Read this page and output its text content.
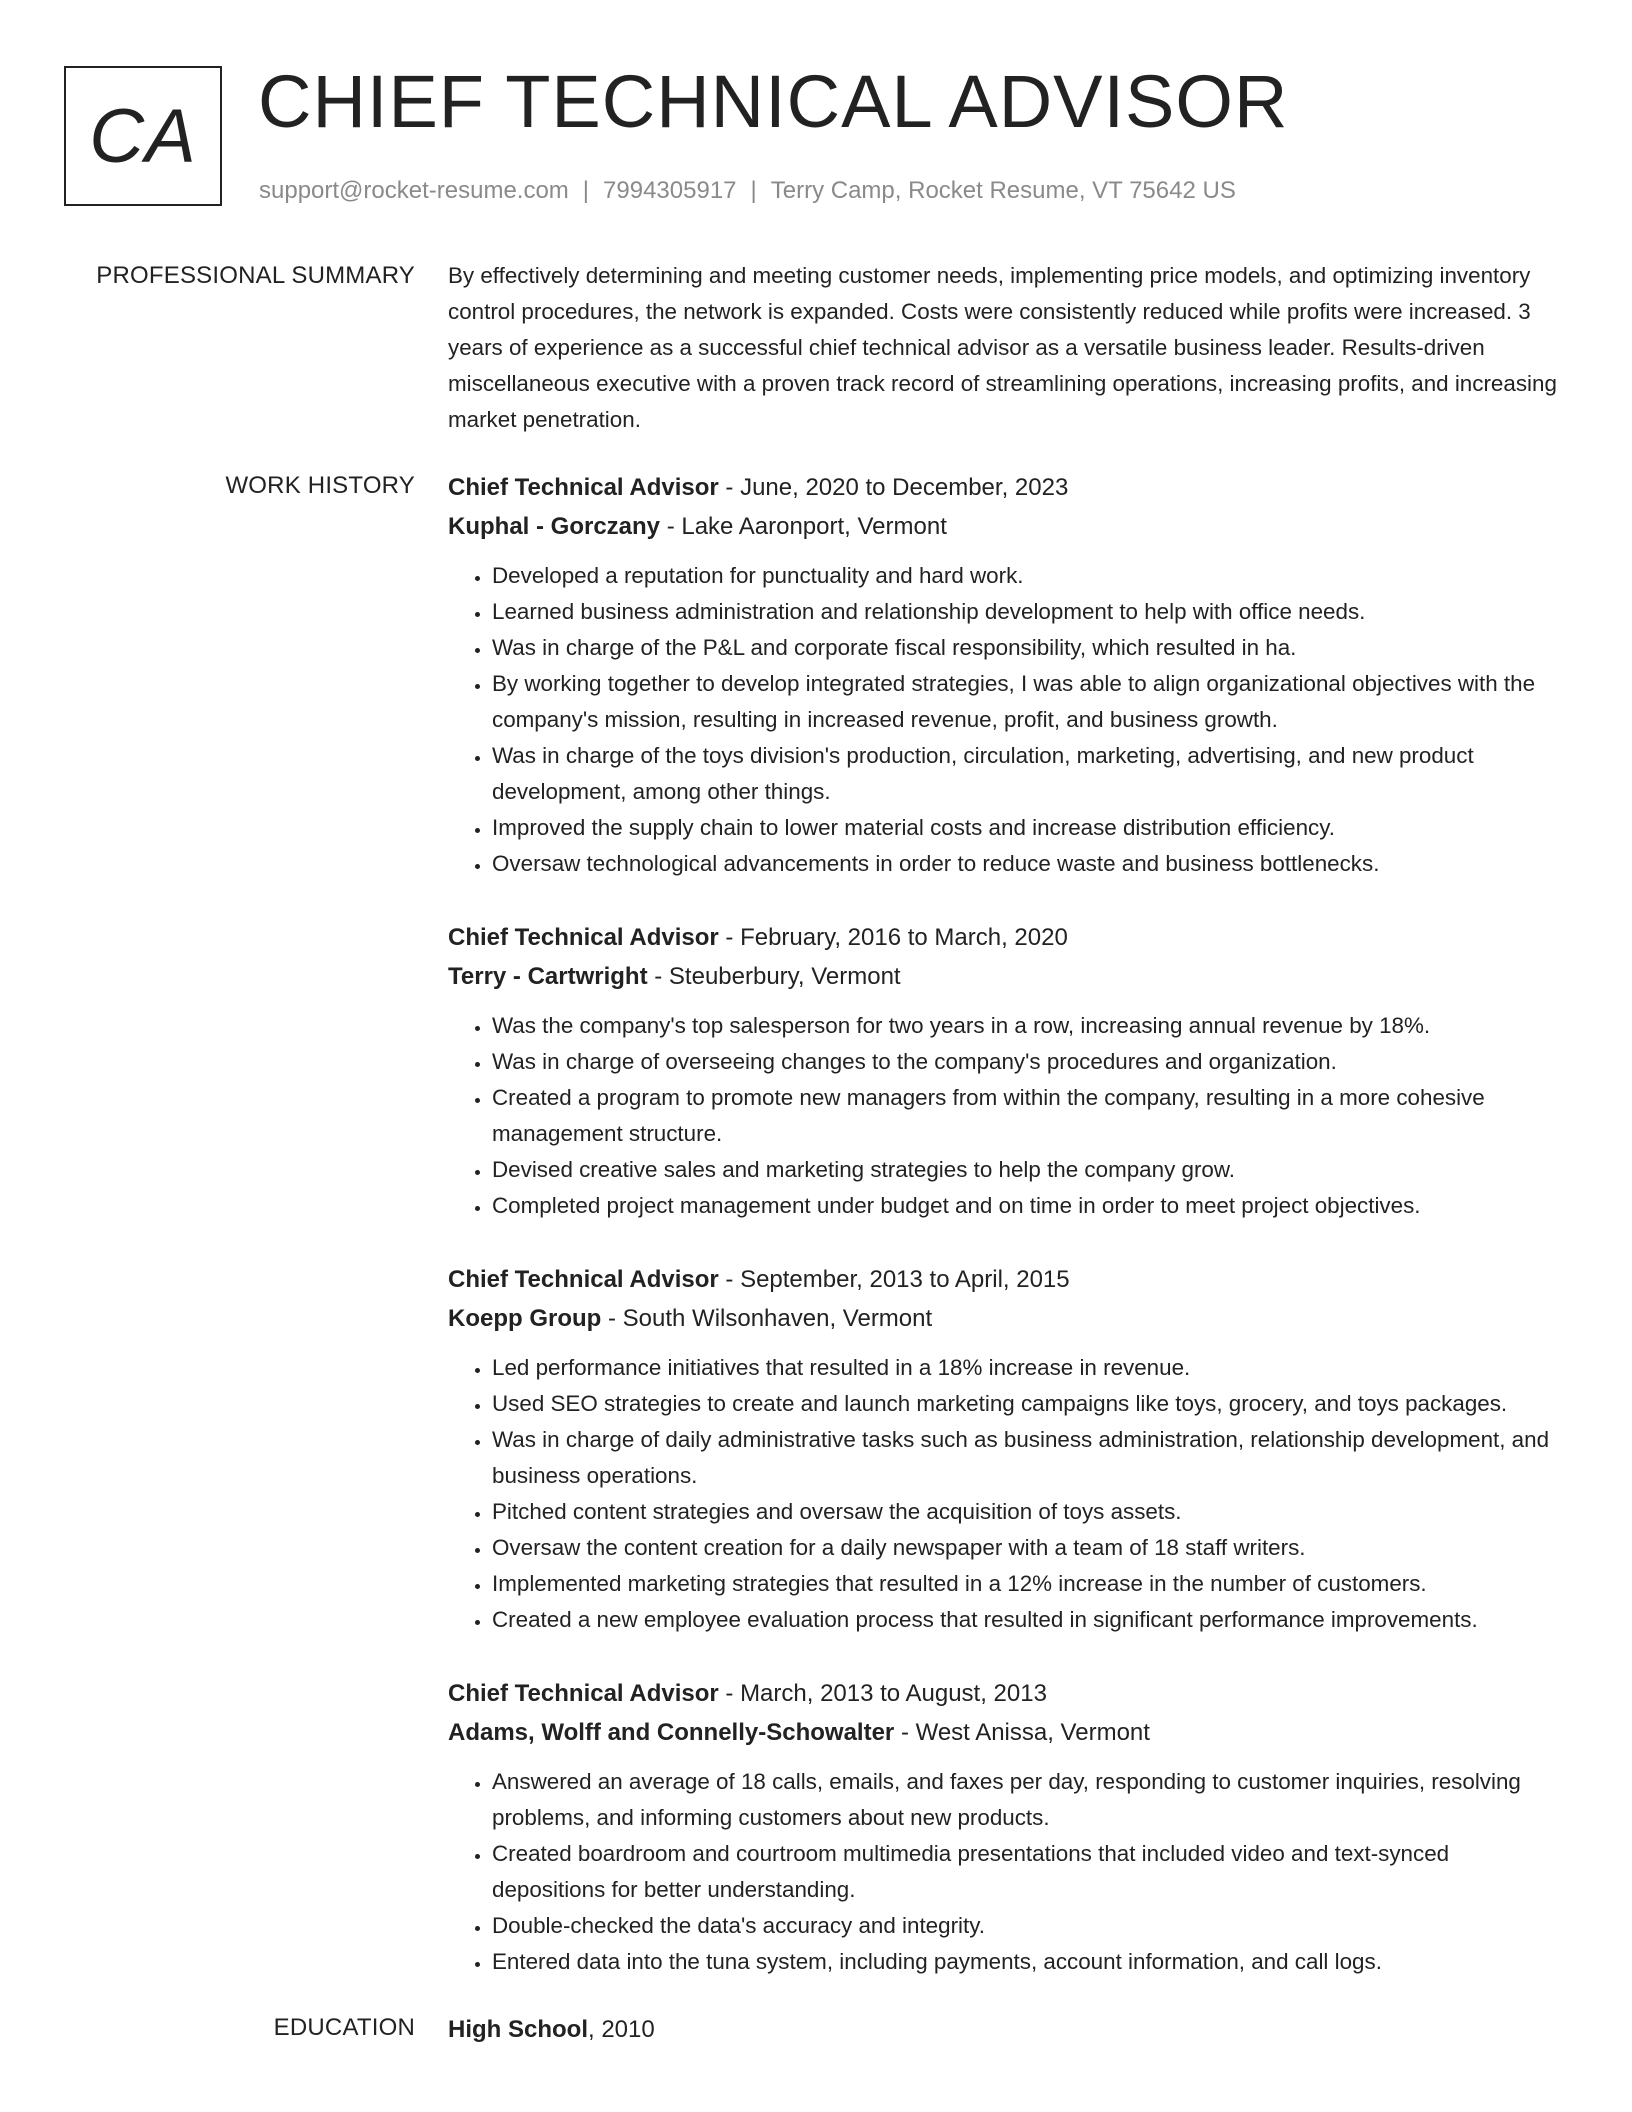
CA CHIEF TECHNICAL ADVISOR
support@rocket-resume.com | 7994305917 | Terry Camp, Rocket Resume, VT 75642 US
PROFESSIONAL SUMMARY By effectively determining and meeting customer needs, implementing price models, and optimizing inventory control procedures, the network is expanded. Costs were consistently reduced while profits were increased. 3 years of experience as a successful chief technical advisor as a versatile business leader. Results-driven miscellaneous executive with a proven track record of streamlining operations, increasing profits, and increasing market penetration.

WORK HISTORY Chief Technical Advisor - June, 2020 to December, 2023
Kuphal - Gorczany - Lake Aaronport, Vermont
• Developed a reputation for punctuality and hard work.
• Learned business administration and relationship development to help with office needs.
• Was in charge of the P&L and corporate fiscal responsibility, which resulted in ha.
• By working together to develop integrated strategies, I was able to align organizational objectives with the company's mission, resulting in increased revenue, profit, and business growth.
• Was in charge of the toys division's production, circulation, marketing, advertising, and new product development, among other things.
• Improved the supply chain to lower material costs and increase distribution efficiency.
• Oversaw technological advancements in order to reduce waste and business bottlenecks.
Chief Technical Advisor - February, 2016 to March, 2020
Terry - Cartwright - Steuberbury, Vermont
• Was the company's top salesperson for two years in a row, increasing annual revenue by 18%.
• Was in charge of overseeing changes to the company's procedures and organization.
• Created a program to promote new managers from within the company, resulting in a more cohesive management structure.
• Devised creative sales and marketing strategies to help the company grow.
• Completed project management under budget and on time in order to meet project objectives.
Chief Technical Advisor - September, 2013 to April, 2015
Koepp Group - South Wilsonhaven, Vermont
• Led performance initiatives that resulted in a 18% increase in revenue.
• Used SEO strategies to create and launch marketing campaigns like toys, grocery, and toys packages.
• Was in charge of daily administrative tasks such as business administration, relationship development, and business operations.
• Pitched content strategies and oversaw the acquisition of toys assets.
• Oversaw the content creation for a daily newspaper with a team of 18 staff writers.
• Implemented marketing strategies that resulted in a 12% increase in the number of customers.
• Created a new employee evaluation process that resulted in significant performance improvements.
Chief Technical Advisor - March, 2013 to August, 2013
Adams, Wolff and Connelly-Schowalter - West Anissa, Vermont
• Answered an average of 18 calls, emails, and faxes per day, responding to customer inquiries, resolving problems, and informing customers about new products.
• Created boardroom and courtroom multimedia presentations that included video and text-synced depositions for better understanding.
• Double-checked the data's accuracy and integrity.
• Entered data into the tuna system, including payments, account information, and call logs.
EDUCATION High School, 2010
